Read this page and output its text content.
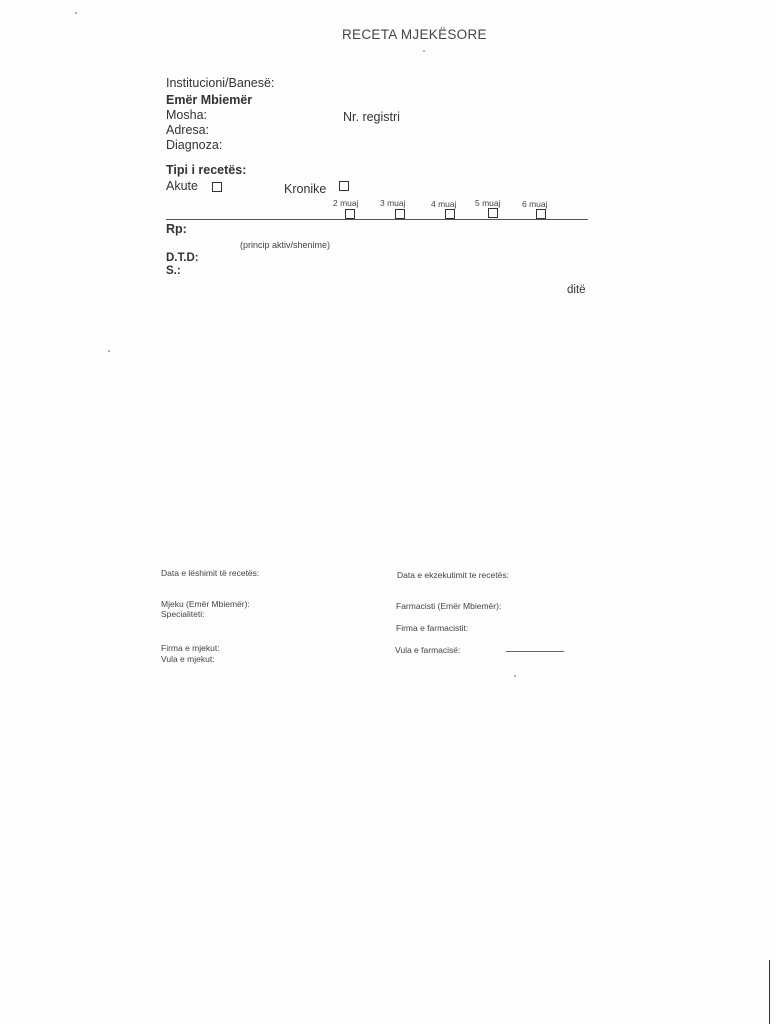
RECETA MJEKËSORE
Institucioni/Banesë:
Emër Mbiemër
Mosha:	Nr. registri
Adresa:
Diagnoza:
Tipi i recetës:
Akute	Kronike
2 muaj	3 muaj	4 muaj 5 muaj	6 muaj
Rp:
(princip aktiv/shenime)
D.T.D:
S.:
ditë
Data e lëshimit të recetës:	Data e ekzekutimit te recetës:
Mjeku (Emër Mbiemër):
Specialiteti:
Farmacisti (Emër Mbiemër):
Firma e farmacistit:
Firma e mjekut:
Vula e mjekut:
Vula e farmacisë:
